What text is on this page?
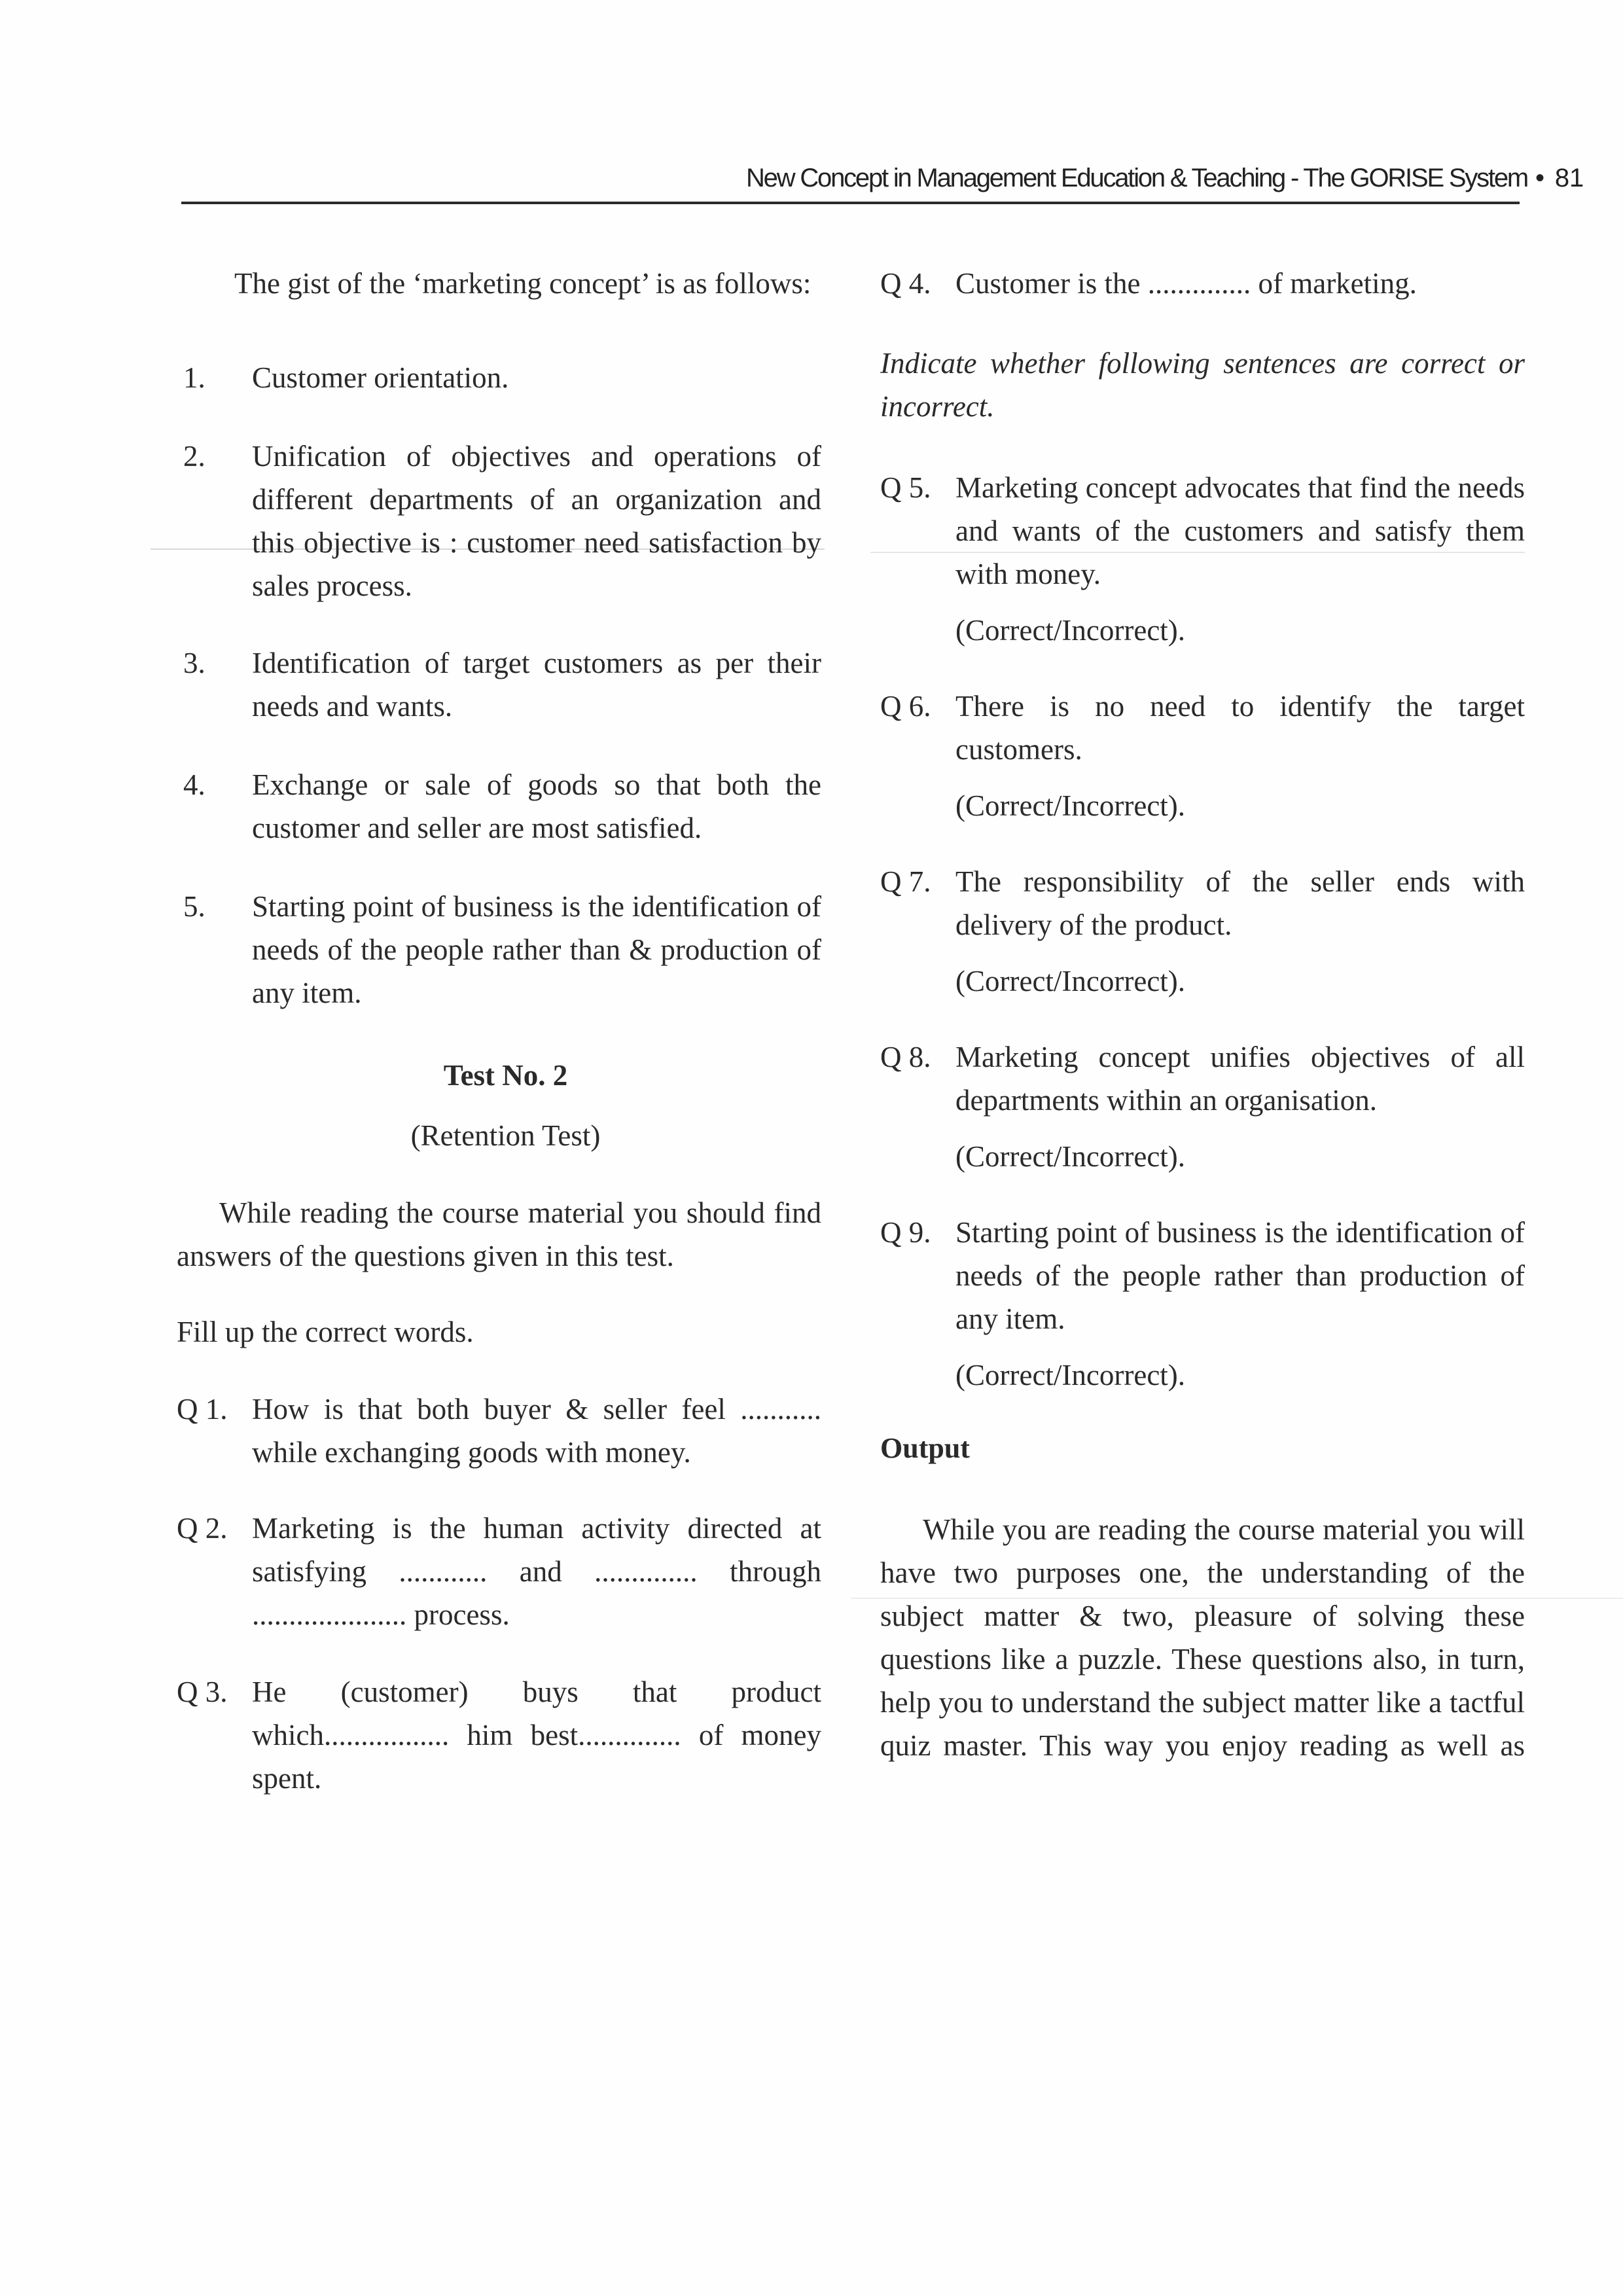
New Concept in Management Education & Teaching - The GORISE System • 81

The gist of the ‘marketing concept’ is as follows:

1. Customer orientation.
2. Unification of objectives and operations of different departments of an organization and this objective is : customer need satisfaction by sales process.
3. Identification of target customers as per their needs and wants.
4. Exchange or sale of goods so that both the customer and seller are most satisfied.
5. Starting point of business is the identification of needs of the people rather than & production of any item.

Test No. 2

(Retention Test)

While reading the course material you should find answers of the questions given in this test.

Fill up the correct words.

Q 1. How is that both buyer & seller feel ........... while exchanging goods with money.
Q 2. Marketing is the human activity directed at satisfying ............ and .............. through ..................... process.
Q 3. He (customer) buys that product which................. him best.............. of money spent.
Q 4. Customer is the .............. of marketing.

Indicate whether following sentences are correct or incorrect.

Q 5. Marketing concept advocates that find the needs and wants of the customers and satisfy them with money.

(Correct/Incorrect).

Q 6. There is no need to identify the target customers.

(Correct/Incorrect).

Q 7. The responsibility of the seller ends with delivery of the product.

(Correct/Incorrect).

Q 8. Marketing concept unifies objectives of all departments within an organisation.

(Correct/Incorrect).

Q 9. Starting point of business is the identification of needs of the people rather than production of any item.

(Correct/Incorrect).

Output

While you are reading the course material you will have two purposes one, the understanding of the subject matter & two, pleasure of solving these questions like a puzzle. These questions also, in turn, help you to understand the subject matter like a tactful quiz master. This way you enjoy reading as well as
